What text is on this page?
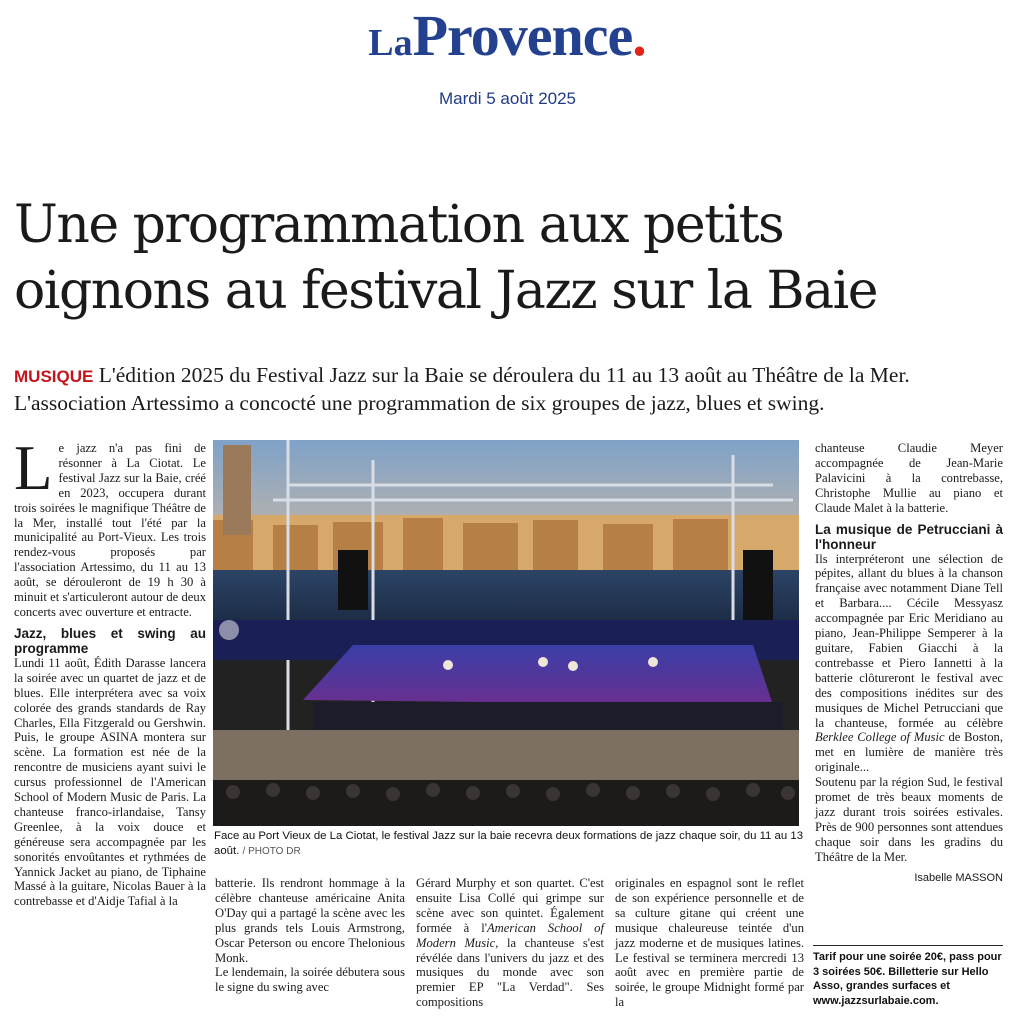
LaProvence.
Mardi 5 août 2025
Une programmation aux petits
oignons au festival Jazz sur la Baie
MUSIQUE L'édition 2025 du Festival Jazz sur la Baie se déroulera du 11 au 13 août au Théâtre de la Mer. L'association Artessimo a concocté une programmation de six groupes de jazz, blues et swing.

Le jazz n'a pas fini de résonner à La Ciotat. Le festival Jazz sur la Baie, créé en 2023, occupera durant trois soirées le magnifique Théâtre de la Mer, installé tout l'été par la municipalité au Port-Vieux. Les trois rendez-vous proposés par l'association Artessimo, du 11 au 13 août, se dérouleront de 19 h 30 à minuit et s'articuleront autour de deux concerts avec ouverture et entracte.

Jazz, blues et swing au programme

Lundi 11 août, Édith Darasse lancera la soirée avec un quartet de jazz et de blues. Elle interprétera avec sa voix colorée des grands standards de Ray Charles, Ella Fitzgerald ou Gershwin. Puis, le groupe ASINA montera sur scène. La formation est née de la rencontre de musiciens ayant suivi le cursus professionnel de l'American School of Modern Music de Paris. La chanteuse franco-irlandaise, Tansy Greenlee, à la voix douce et généreuse sera accompagnée par les sonorités envoûtantes et rythmées de Yannick Jacket au piano, de Tiphaine Massé à la guitare, Nicolas Bauer à la contrebasse et d'Aidje Tafial à la

Face au Port Vieux de La Ciotat, le festival Jazz sur la baie recevra deux formations de jazz chaque soir, du 11 au 13 août. / PHOTO DR

batterie. Ils rendront hommage à la célèbre chanteuse américaine Anita O'Day qui a partagé la scène avec les plus grands tels Louis Armstrong, Oscar Peterson ou encore Thelonious Monk.

Le lendemain, la soirée débutera sous le signe du swing avec

Gérard Murphy et son quartet. C'est ensuite Lisa Collé qui grimpe sur scène avec son quintet. Également formée à l'American School of Modern Music, la chanteuse s'est révélée dans l'univers du jazz et des musiques du monde avec son premier EP "La Verdad". Ses compositions

originales en espagnol sont le reflet de son expérience personnelle et de sa culture gitane qui créent une musique chaleureuse teintée d'un jazz moderne et de musiques latines. Le festival se terminera mercredi 13 août avec en première partie de soirée, le groupe Midnight formé par la

chanteuse Claudie Meyer accompagnée de Jean-Marie Palavicini à la contrebasse, Christophe Mullie au piano et Claude Malet à la batterie.

La musique de Petrucciani à l'honneur

Ils interpréteront une sélection de pépites, allant du blues à la chanson française avec notamment Diane Tell et Barbara.... Cécile Messyasz accompagnée par Eric Meridiano au piano, Jean-Philippe Semperer à la guitare, Fabien Giacchi à la contrebasse et Piero Iannetti à la batterie clôtureront le festival avec des compositions inédites sur des musiques de Michel Petrucciani que la chanteuse, formée au célèbre Berklee College of Music de Boston, met en lumière de manière très originale...

Soutenu par la région Sud, le festival promet de très beaux moments de jazz durant trois soirées estivales. Près de 900 personnes sont attendues chaque soir dans les gradins du Théâtre de la Mer.

Isabelle MASSON

Tarif pour une soirée 20€, pass pour 3 soirées 50€. Billetterie sur Hello Asso, grandes surfaces et www.jazzsurlabaie.com.
